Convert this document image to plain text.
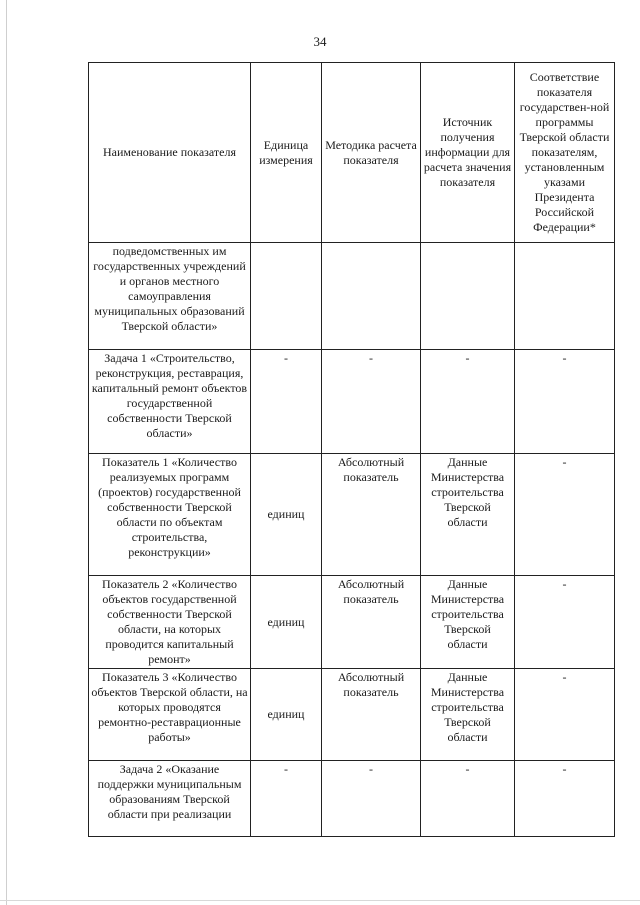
34
Наименование показателя	Единица измерения	Методика расчета показателя	Источник получения информации для расчета значения показателя	Соответствие показателя государствен-ной программы Тверской области показателям, установленным указами Президента Российской Федерации*
подведомственных им государственных учреждений и органов местного самоуправления муниципальных образований Тверской области»				
Задача 1 «Строительство, реконструкция, реставрация, капитальный ремонт объектов государственной собственности Тверской области»	-	-	-	-
Показатель 1 «Количество реализуемых программ (проектов) государственной собственности Тверской области по объектам строительства, реконструкции»	единиц	Абсолютный показатель	Данные Министерства строительства Тверской области	-
Показатель 2 «Количество объектов государственной собственности Тверской области, на которых проводится капитальный ремонт»	единиц	Абсолютный показатель	Данные Министерства строительства Тверской области	-
Показатель 3 «Количество объектов Тверской области, на которых проводятся ремонтно-реставрационные работы»	единиц	Абсолютный показатель	Данные Министерства строительства Тверской области	-
Задача 2 «Оказание поддержки муниципальным образованиям Тверской области при реализации	-	-	-	-
